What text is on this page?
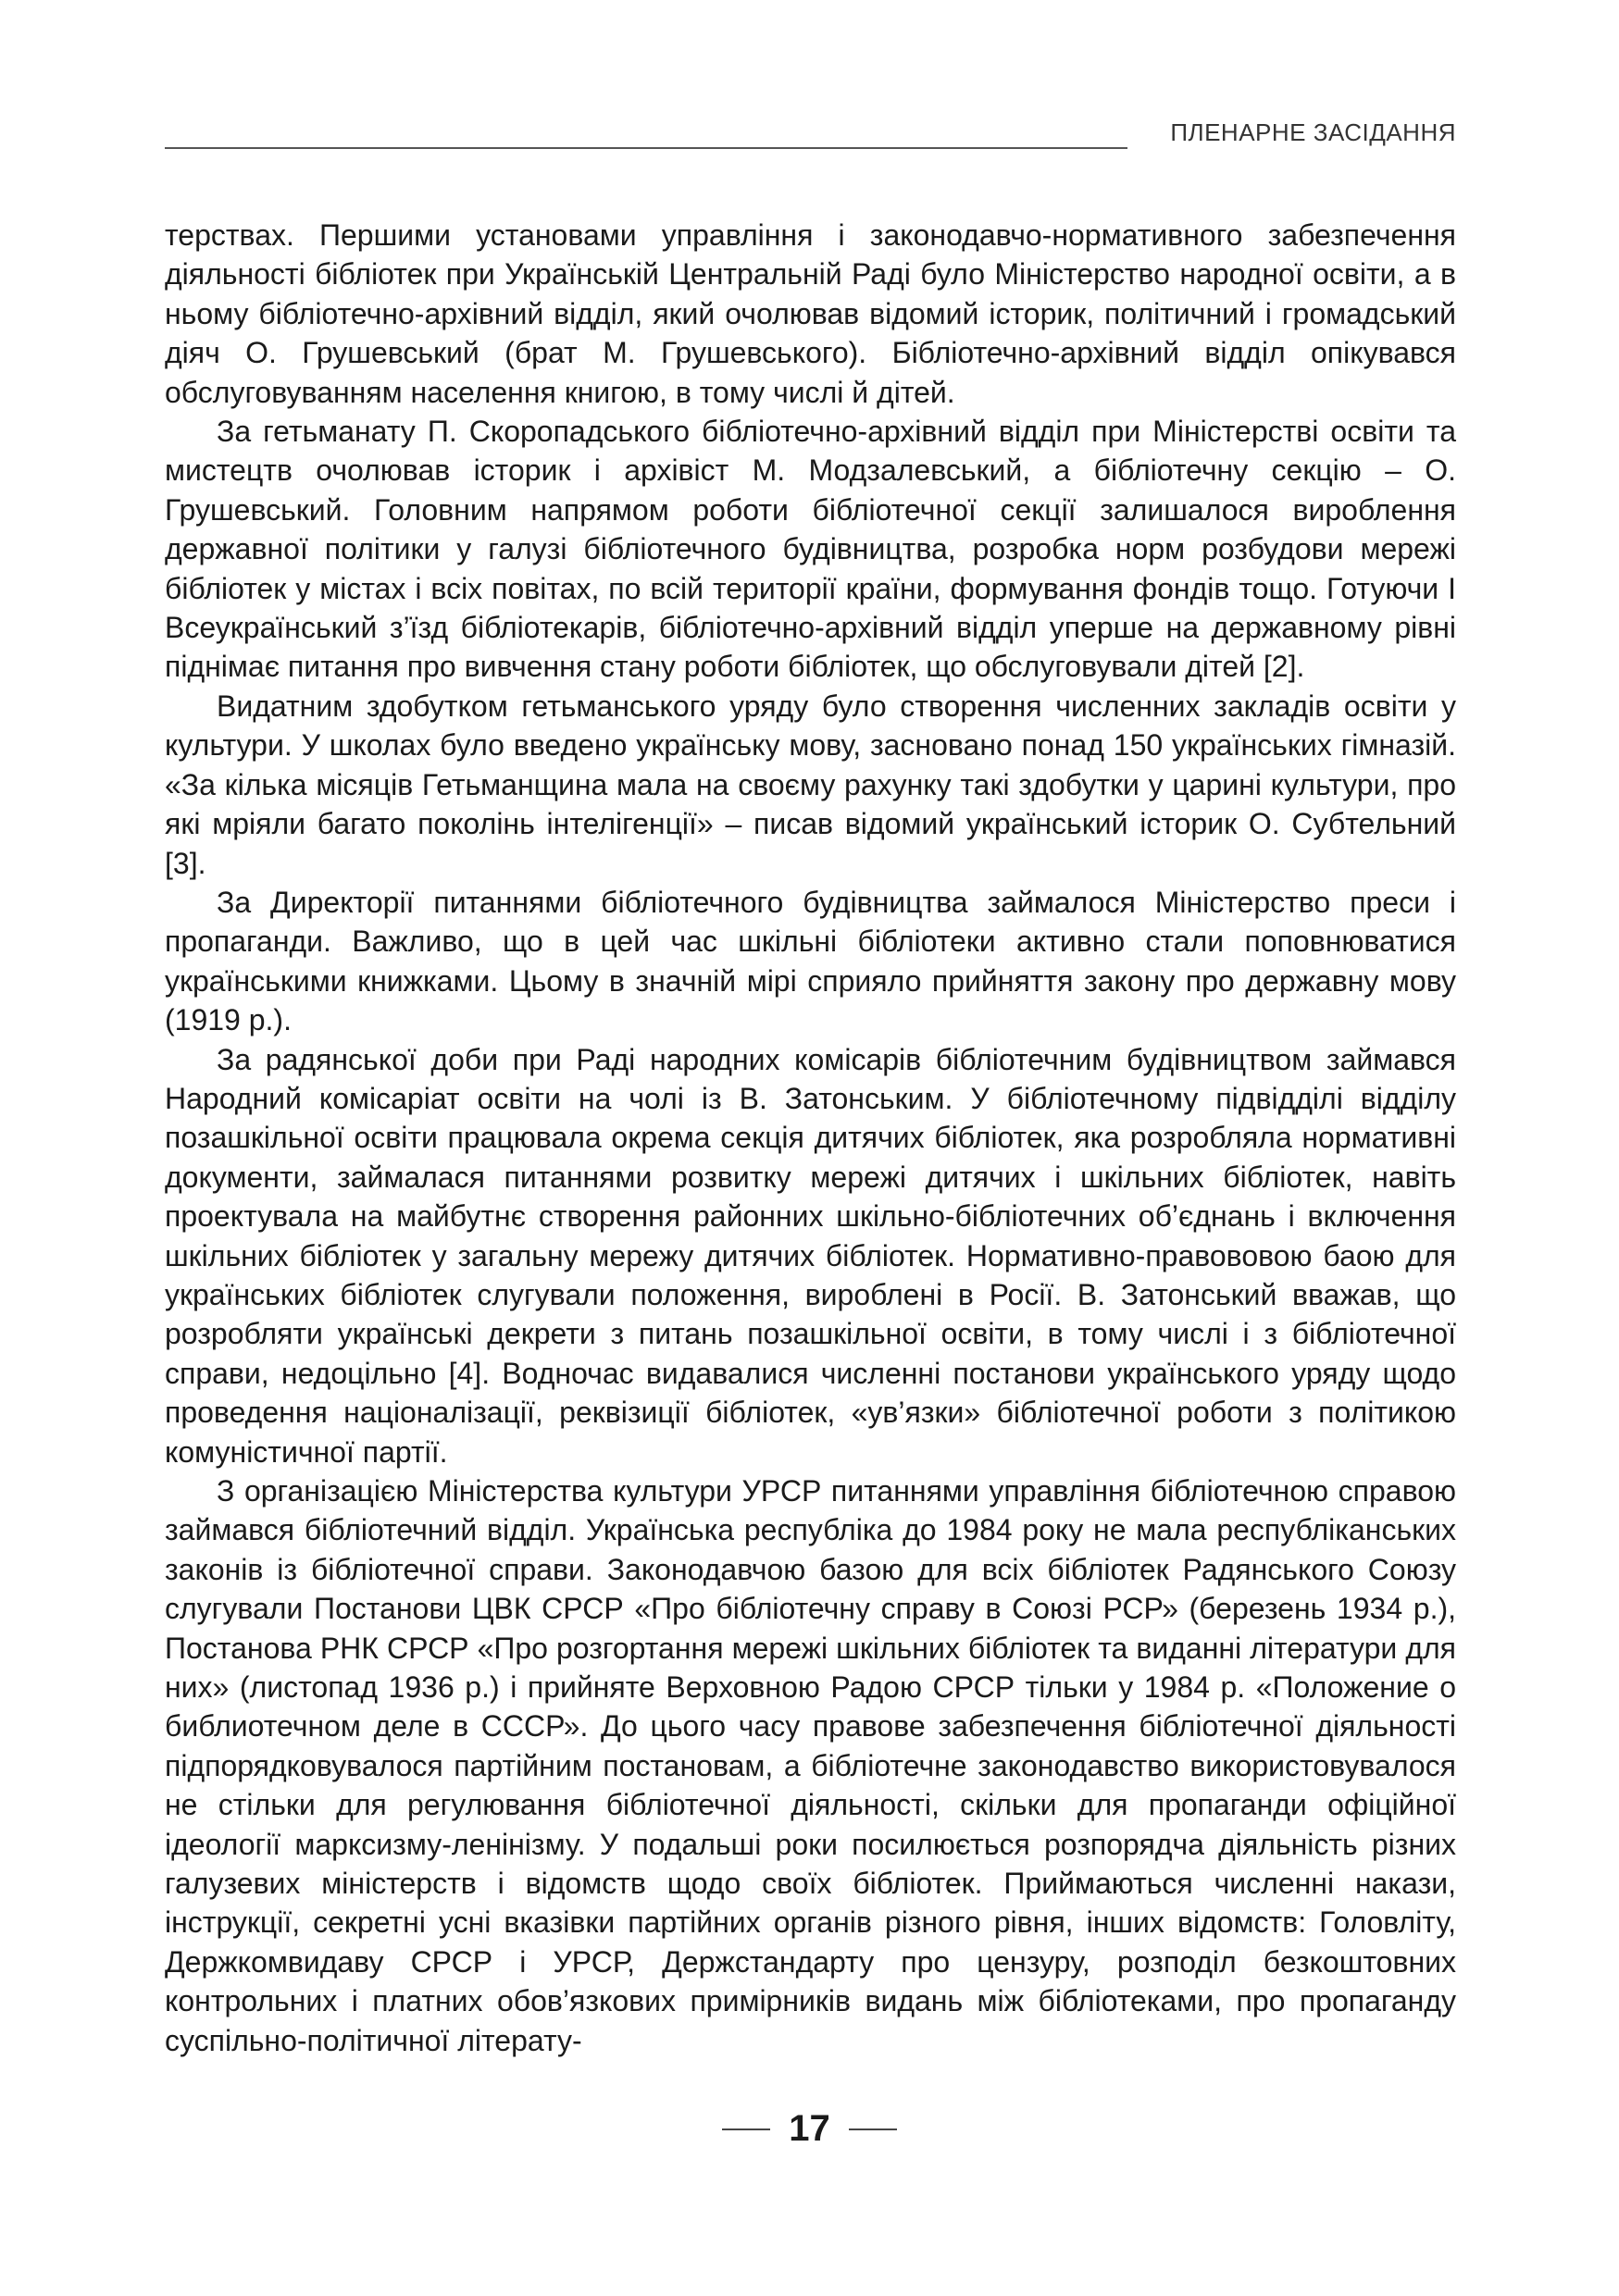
ПЛЕНАРНЕ ЗАСІДАННЯ

терствах. Першими установами управління і законодавчо-нормативного забезпечення діяльності бібліотек при Українській Центральній Раді було Міністерство народної освіти, а в ньому бібліотечно-архівний відділ, який очолював відомий історик, політичний і громадський діяч О. Грушевський (брат М. Грушевського). Бібліотечно-архівний відділ опікувався обслуговуванням населення книгою, в тому числі й дітей.

За гетьманату П. Скоропадського бібліотечно-архівний відділ при Міністерстві освіти та мистецтв очолював історик і архівіст М. Модзалевський, а бібліотечну секцію – О. Грушевський. Головним напрямом роботи бібліотечної секції залишалося вироблення державної політики у галузі бібліотечного будівництва, розробка норм розбудови мережі бібліотек у містах і всіх повітах, по всій території країни, формування фондів тощо. Готуючи І Всеукраїнський з’їзд бібліотекарів, бібліотечно-архівний відділ уперше на державному рівні піднімає питання про вивчення стану роботи бібліотек, що обслуговували дітей [2].

Видатним здобутком гетьманського уряду було створення численних закладів освіти у культури. У школах було введено українську мову, засновано понад 150 українських гімназій. «За кілька місяців Гетьманщина мала на своєму рахунку такі здобутки у царині культури, про які мріяли багато поколінь інтелігенції» – писав відомий український історик О. Субтельний [3].

За Директорії питаннями бібліотечного будівництва займалося Міністерство преси і пропаганди. Важливо, що в цей час шкільні бібліотеки активно стали поповнюватися українськими книжками. Цьому в значній мірі сприяло прийняття закону про державну мову (1919 р.).

За радянської доби при Раді народних комісарів бібліотечним будівництвом займався Народний комісаріат освіти на чолі із В. Затонським. У бібліотечному підвідділі відділу позашкільної освіти працювала окрема секція дитячих бібліотек, яка розробляла нормативні документи, займалася питаннями розвитку мережі дитячих і шкільних бібліотек, навіть проектувала на майбутнє створення районних шкільно-бібліотечних об’єднань і включення шкільних бібліотек у загальну мережу дитячих бібліотек. Нормативно-правововою баою для українських бібліотек слугували положення, вироблені в Росії. В. Затонський вважав, що розробляти українські декрети з питань позашкільної освіти, в тому числі і з бібліотечної справи, недоцільно [4]. Водночас видавалися численні постанови українського уряду щодо проведення націоналізації, реквізиції бібліотек, «ув’язки» бібліотечної роботи з політикою комуністичної партії.

З організацією Міністерства культури УРСР питаннями управління бібліотечною справою займався бібліотечний відділ. Українська республіка до 1984 року не мала республіканських законів із бібліотечної справи. Законодавчою базою для всіх бібліотек Радянського Союзу слугували Постанови ЦВК СРСР «Про бібліотечну справу в Союзі РСР» (березень 1934 р.), Постанова РНК СРСР «Про розгортання мережі шкільних бібліотек та виданні літератури для них» (листопад 1936 р.) і прийняте Верховною Радою СРСР тільки у 1984 р. «Положение о библиотечном деле в СССР». До цього часу правове забезпечення бібліотечної діяльності підпорядковувалося партійним постановам, а бібліотечне законодавство використовувалося не стільки для регулювання бібліотечної діяльності, скільки для пропаганди офіційної ідеології марксизму-ленінізму. У подальші роки посилюється розпорядча діяльність різних галузевих міністерств і відомств щодо своїх бібліотек. Приймаються численні накази, інструкції, секретні усні вказівки партійних органів різного рівня, інших відомств: Головліту, Держкомвидаву СРСР і УРСР, Держстандарту про цензуру, розподіл безкоштовних контрольних і платних обов’язкових примірників видань між бібліотеками, про пропаганду суспільно-політичної літерату-

17
